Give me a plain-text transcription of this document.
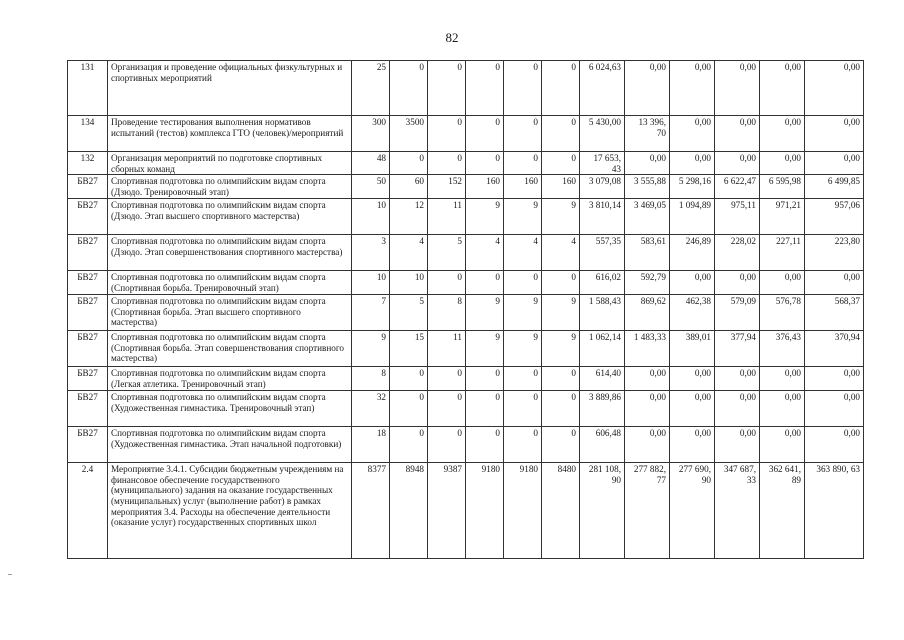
82
131	Организация и проведение официальных физкультурных и спортивных мероприятий	25	0	0	0	0	0	6 024,63	0,00	0,00	0,00	0,00	0,00
134	Проведение тестирования выполнения нормативов испытаний (тестов) комплекса ГТО (человек)/мероприятий	300	3500	0	0	0	0	5 430,00	13 396, 70	0,00	0,00	0,00	0,00
132	Организация мероприятий по подготовке спортивных сборных команд	48	0	0	0	0	0	17 653, 43	0,00	0,00	0,00	0,00	0,00
БВ27	Спортивная подготовка по олимпийским видам спорта (Дзюдо. Тренировочный этап)	50	60	152	160	160	160	3 079,08	3 555,88	5 298,16	6 622,47	6 595,98	6 499,85
БВ27	Спортивная подготовка по олимпийским видам спорта (Дзюдо. Этап высшего спортивного мастерства)	10	12	11	9	9	9	3 810,14	3 469,05	1 094,89	975,11	971,21	957,06
БВ27	Спортивная подготовка по олимпийским видам спорта (Дзюдо. Этап совершенствования спортивного мастерства)	3	4	5	4	4	4	557,35	583,61	246,89	228,02	227,11	223,80
БВ27	Спортивная подготовка по олимпийским видам спорта (Спортивная борьба. Тренировочный этап)	10	10	0	0	0	0	616,02	592,79	0,00	0,00	0,00	0,00
БВ27	Спортивная подготовка по олимпийским видам спорта (Спортивная борьба. Этап высшего спортивного мастерства)	7	5	8	9	9	9	1 588,43	869,62	462,38	579,09	576,78	568,37
БВ27	Спортивная подготовка по олимпийским видам спорта (Спортивная борьба. Этап совершенствования спортивного мастерства)	9	15	11	9	9	9	1 062,14	1 483,33	389,01	377,94	376,43	370,94
БВ27	Спортивная подготовка по олимпийским видам спорта (Легкая атлетика. Тренировочный этап)	8	0	0	0	0	0	614,40	0,00	0,00	0,00	0,00	0,00
БВ27	Спортивная подготовка по олимпийским видам спорта (Художественная гимнастика. Тренировочный этап)	32	0	0	0	0	0	3 889,86	0,00	0,00	0,00	0,00	0,00
БВ27	Спортивная подготовка по олимпийским видам спорта (Художественная гимнастика. Этап начальной подготовки)	18	0	0	0	0	0	606,48	0,00	0,00	0,00	0,00	0,00
2.4	Мероприятие 3.4.1. Субсидии бюджетным учреждениям на финансовое обеспечение государственного (муниципального) задания на оказание государственных (муниципальных) услуг (выполнение работ) в рамках мероприятия 3.4. Расходы на обеспечение деятельности (оказание услуг) государственных спортивных школ	8377	8948	9387	9180	9180	8480	281 108, 90	277 882, 77	277 690, 90	347 687, 33	362 641, 89	363 890, 63
